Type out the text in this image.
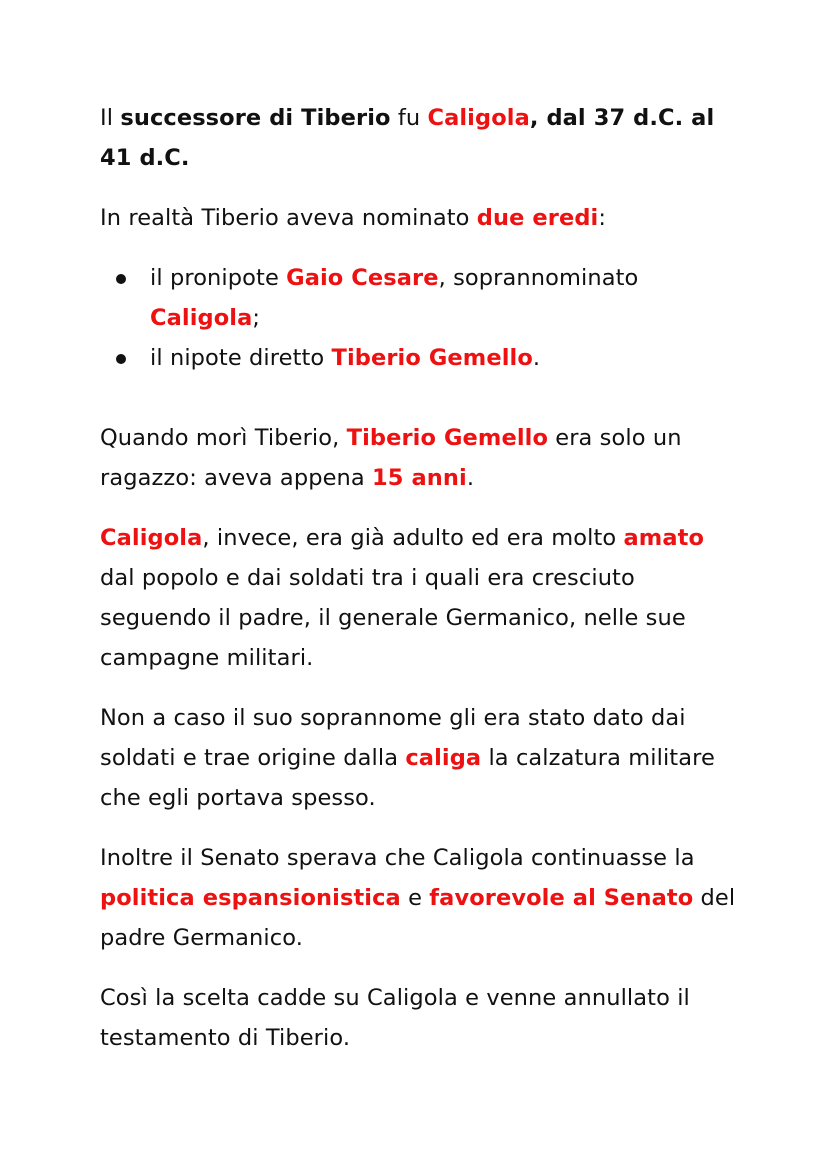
Il successore di Tiberio fu Caligola, dal 37 d.C. al 41 d.C.

In realtà Tiberio aveva nominato due eredi:

il pronipote Gaio Cesare, soprannominato Caligola;
il nipote diretto Tiberio Gemello.

Quando morì Tiberio, Tiberio Gemello era solo un ragazzo: aveva appena 15 anni.

Caligola, invece, era già adulto ed era molto amato dal popolo e dai soldati tra i quali era cresciuto seguendo il padre, il generale Germanico, nelle sue campagne militari.

Non a caso il suo soprannome gli era stato dato dai soldati e trae origine dalla caliga la calzatura militare che egli portava spesso.

Inoltre il Senato sperava che Caligola continuasse la politica espansionistica e favorevole al Senato del padre Germanico.

Così la scelta cadde su Caligola e venne annullato il testamento di Tiberio.
